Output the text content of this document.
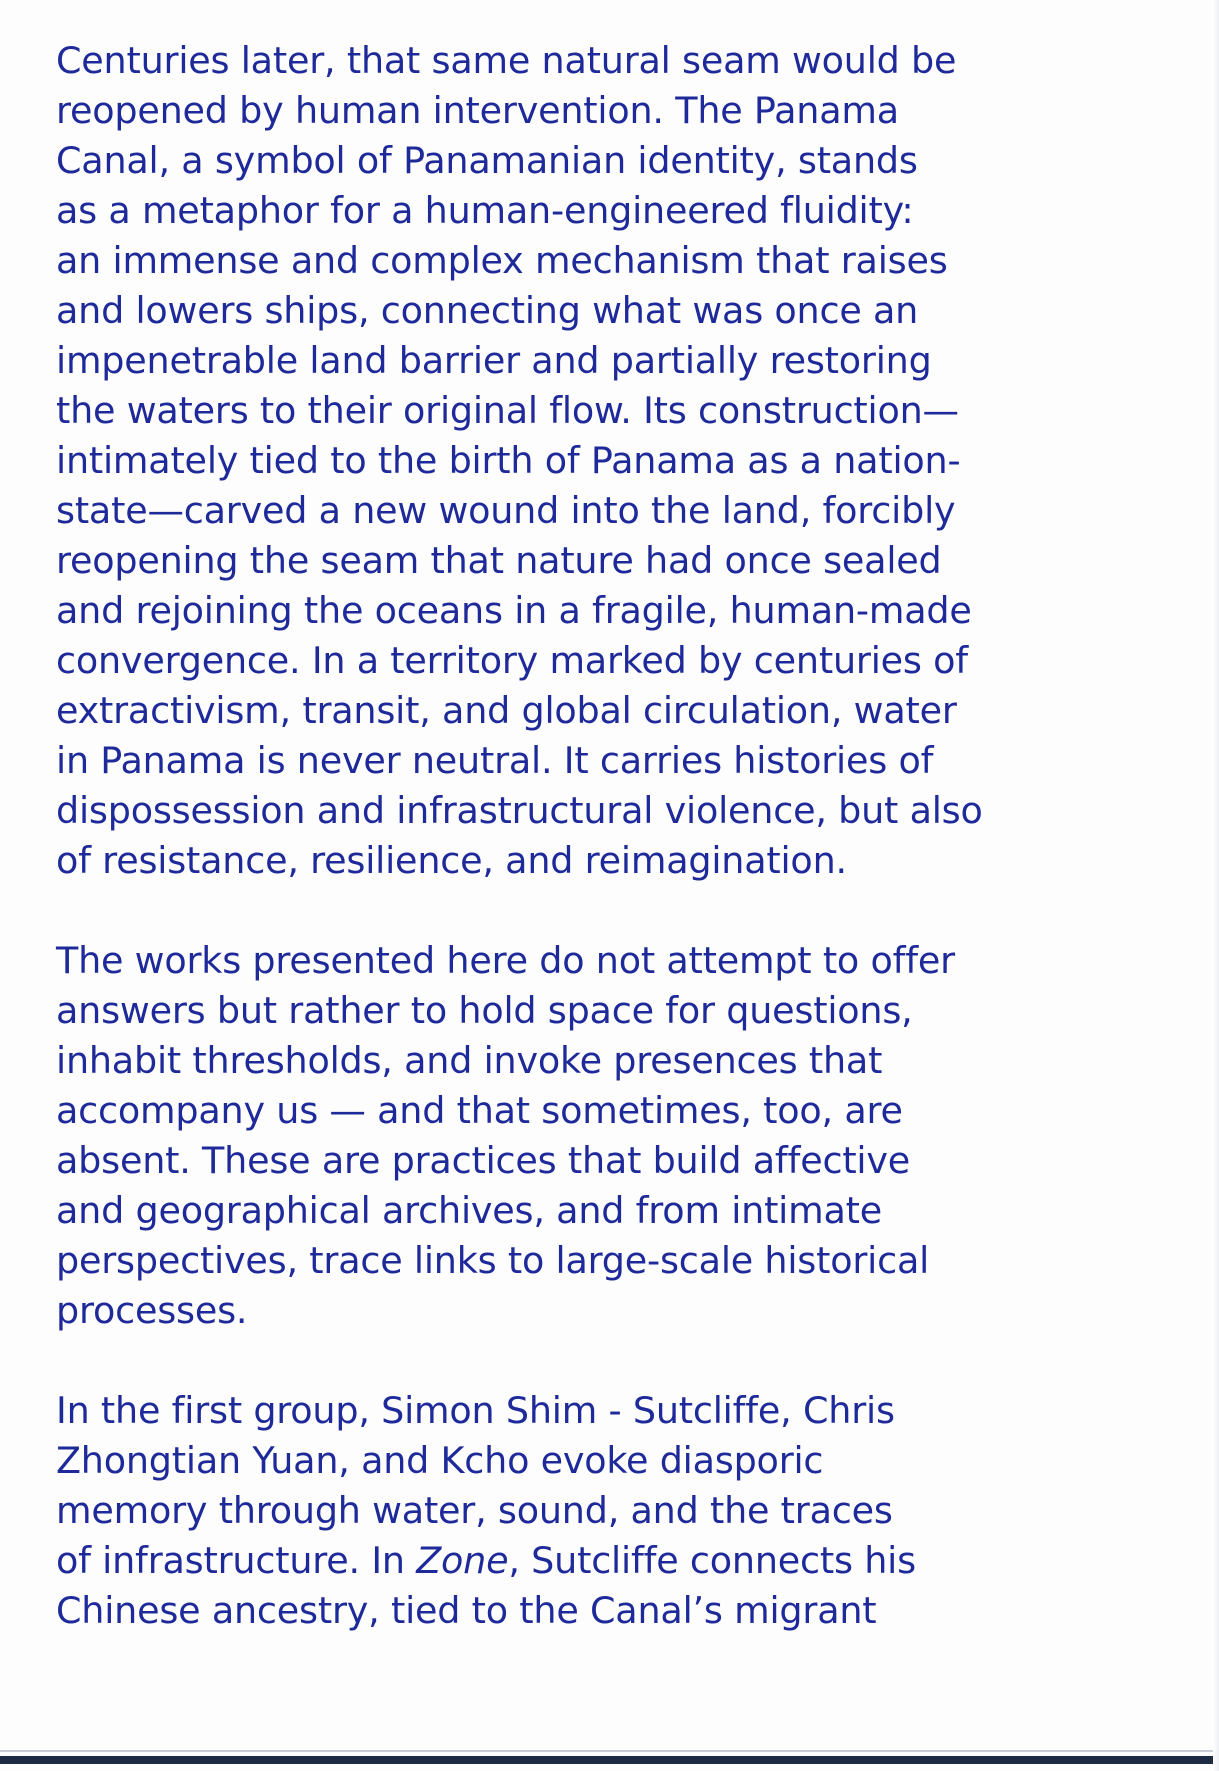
Centuries later, that same natural seam would be
reopened by human intervention. The Panama
Canal, a symbol of Panamanian identity, stands
as a metaphor for a human-engineered fluidity:
an immense and complex mechanism that raises
and lowers ships, connecting what was once an
impenetrable land barrier and partially restoring
the waters to their original flow. Its construction—
intimately tied to the birth of Panama as a nation-
state—carved a new wound into the land, forcibly
reopening the seam that nature had once sealed
and rejoining the oceans in a fragile, human-made
convergence. In a territory marked by centuries of
extractivism, transit, and global circulation, water
in Panama is never neutral. It carries histories of
dispossession and infrastructural violence, but also
of resistance, resilience, and reimagination.

The works presented here do not attempt to offer
answers but rather to hold space for questions,
inhabit thresholds, and invoke presences that
accompany us — and that sometimes, too, are
absent. These are practices that build affective
and geographical archives, and from intimate
perspectives, trace links to large-scale historical
processes.

In the first group, Simon Shim - Sutcliffe, Chris
Zhongtian Yuan, and Kcho evoke diasporic
memory through water, sound, and the traces
of infrastructure. In Zone, Sutcliffe connects his
Chinese ancestry, tied to the Canal’s migrant
